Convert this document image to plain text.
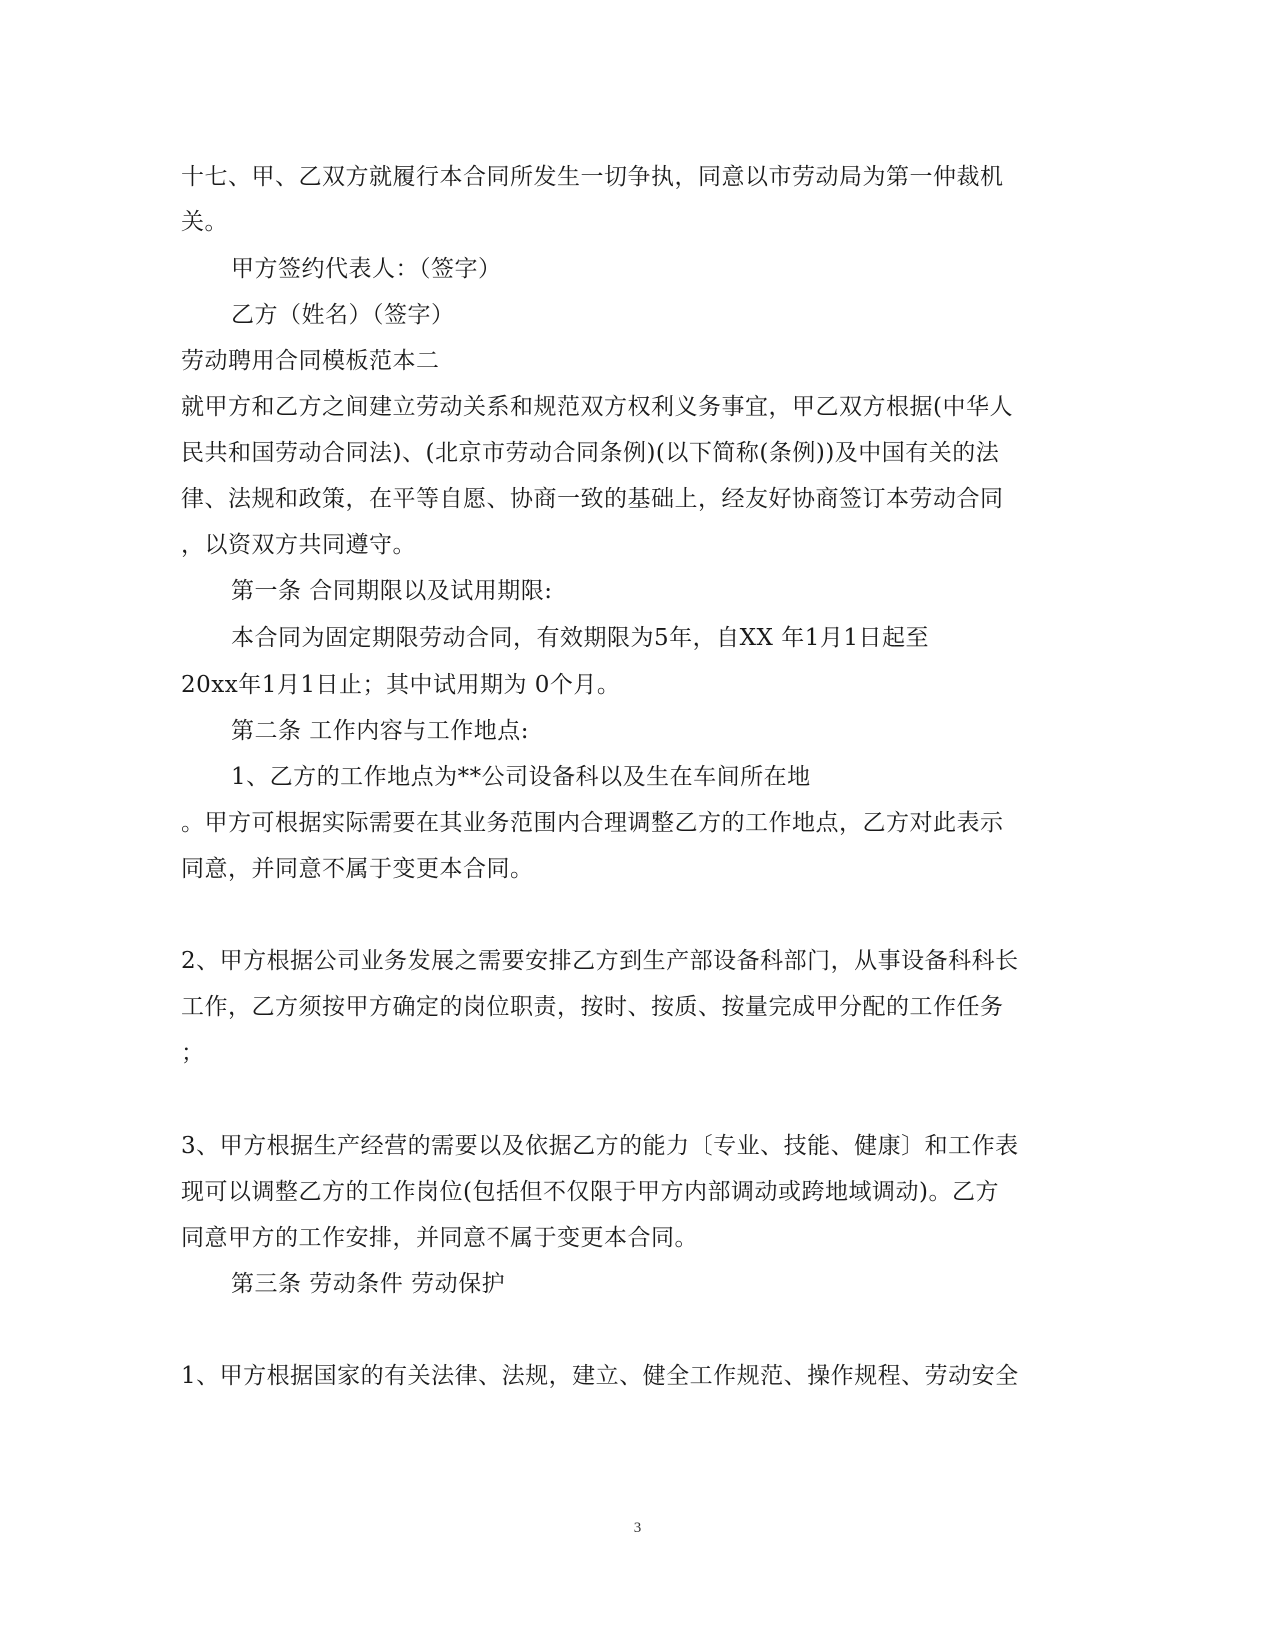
十七、甲、乙双方就履行本合同所发生一切争执，同意以市劳动局为第一仲裁机
关。
甲方签约代表人：（签字）
乙方（姓名）（签字）
劳动聘用合同模板范本二
就甲方和乙方之间建立劳动关系和规范双方权利义务事宜，甲乙双方根据(中华人
民共和国劳动合同法)、(北京市劳动合同条例)(以下简称(条例))及中国有关的法
律、法规和政策，在平等自愿、协商一致的基础上，经友好协商签订本劳动合同
，以资双方共同遵守。
第一条 合同期限以及试用期限:
本合同为固定期限劳动合同，有效期限为5年，自XX 年1月1日起至
20xx年1月1日止；其中试用期为 0个月。
第二条 工作内容与工作地点:
1、乙方的工作地点为**公司设备科以及生在车间所在地
。甲方可根据实际需要在其业务范围内合理调整乙方的工作地点，乙方对此表示
同意，并同意不属于变更本合同。
2、甲方根据公司业务发展之需要安排乙方到生产部设备科部门，从事设备科科长
工作，乙方须按甲方确定的岗位职责，按时、按质、按量完成甲分配的工作任务
；
3、甲方根据生产经营的需要以及依据乙方的能力〔专业、技能、健康〕和工作表
现可以调整乙方的工作岗位(包括但不仅限于甲方内部调动或跨地域调动)。乙方
同意甲方的工作安排，并同意不属于变更本合同。
第三条 劳动条件 劳动保护
1、甲方根据国家的有关法律、法规，建立、健全工作规范、操作规程、劳动安全
3
